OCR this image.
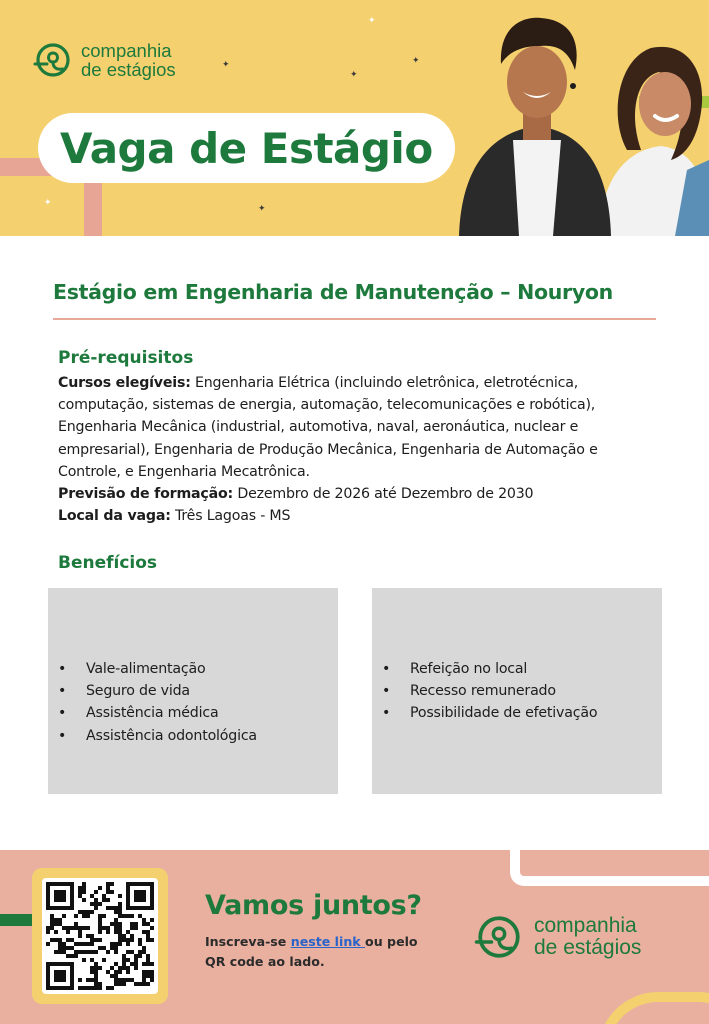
✦
✦
✦
✦
✦
✦
companhia
de estágios
Vaga de Estágio
Estágio em Engenharia de Manutenção – Nouryon
Pré-requisitos

Cursos elegíveis: Engenharia Elétrica (incluindo eletrônica, eletrotécnica, computação, sistemas de energia, automação, telecomunicações e robótica), Engenharia Mecânica (industrial, automotiva, naval, aeronáutica, nuclear e empresarial), Engenharia de Produção Mecânica, Engenharia de Automação e Controle, e Engenharia Mecatrônica.

Previsão de formação: Dezembro de 2026 até Dezembro de 2030

Local da vaga: Três Lagoas - MS

Benefícios
• Vale-alimentação
• Seguro de vida
• Assistência médica
• Assistência odontológica
• Refeição no local
• Recesso remunerado
• Possibilidade de efetivação
Vamos juntos?
Inscreva-se neste link ou pelo QR code ao lado.
companhia
de estágios
